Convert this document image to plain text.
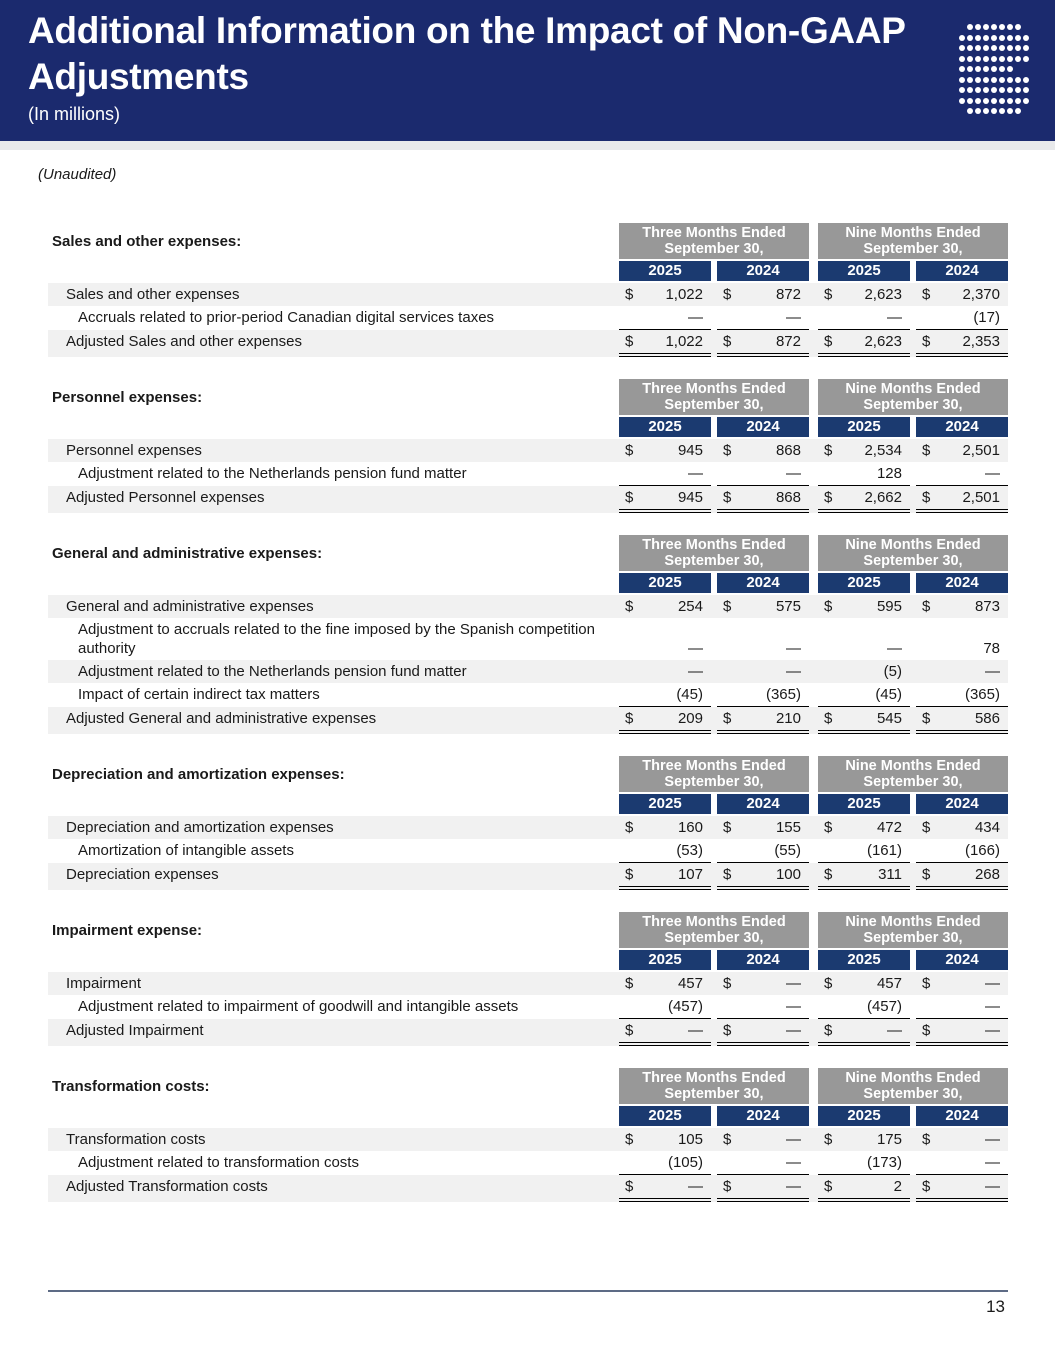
Additional Information on the Impact of Non-GAAP Adjustments
(In millions)
(Unaudited)
Sales and other expenses:	Three Months Ended September 30,
Nine Months Ended September 30,
2025	2024	2025	2024
Sales and other expenses	$ 1,022 $	872 $ 2,623 $ 2,370
Accruals related to prior-period Canadian digital services taxes	—	—	—	(17)
Adjusted Sales and other expenses	$ 1,022 $	872 $ 2,623 $ 2,353
Personnel expenses:	Three Months Ended September 30,
Nine Months Ended September 30,
2025	2024	2025	2024
Personnel expenses	$	945 $	868 $ 2,534 $ 2,501
Adjustment related to the Netherlands pension fund matter	—	—	128	—
Adjusted Personnel expenses	$	945 $	868 $ 2,662 $ 2,501
General and administrative expenses:	Three Months Ended September 30,
Nine Months Ended September 30,
2025	2024	2025	2024
General and administrative expenses	$	254 $	575 $	595 $	873
Adjustment to accruals related to the fine imposed by the Spanish competition authority	—	—	—	78
Adjustment related to the Netherlands pension fund matter	—	—	(5)	—
Impact of certain indirect tax matters	(45)	(365)	(45)	(365)
Adjusted General and administrative expenses	$	209 $	210 $	545 $	586
Depreciation and amortization expenses:	Three Months Ended September 30,
Nine Months Ended September 30,
2025	2024	2025	2024
Depreciation and amortization expenses	$	160 $	155 $	472 $	434
Amortization of intangible assets	(53)	(55)	(161)	(166)
Depreciation expenses	$	107 $	100 $	311 $	268
Impairment expense:	Three Months Ended September 30,
Nine Months Ended September 30,
2025	2024	2025	2024
Impairment	$	457 $	— $	457 $	—
Adjustment related to impairment of goodwill and intangible assets	(457)	—	(457)	—
Adjusted Impairment	$	— $	— $	— $	—
Transformation costs:	Three Months Ended September 30,
Nine Months Ended September 30,
2025	2024	2025	2024
Transformation costs	$	105 $	— $	175 $	—
Adjustment related to transformation costs	(105)	—	(173)	—
Adjusted Transformation costs	$	— $	— $	2 $	—
13
